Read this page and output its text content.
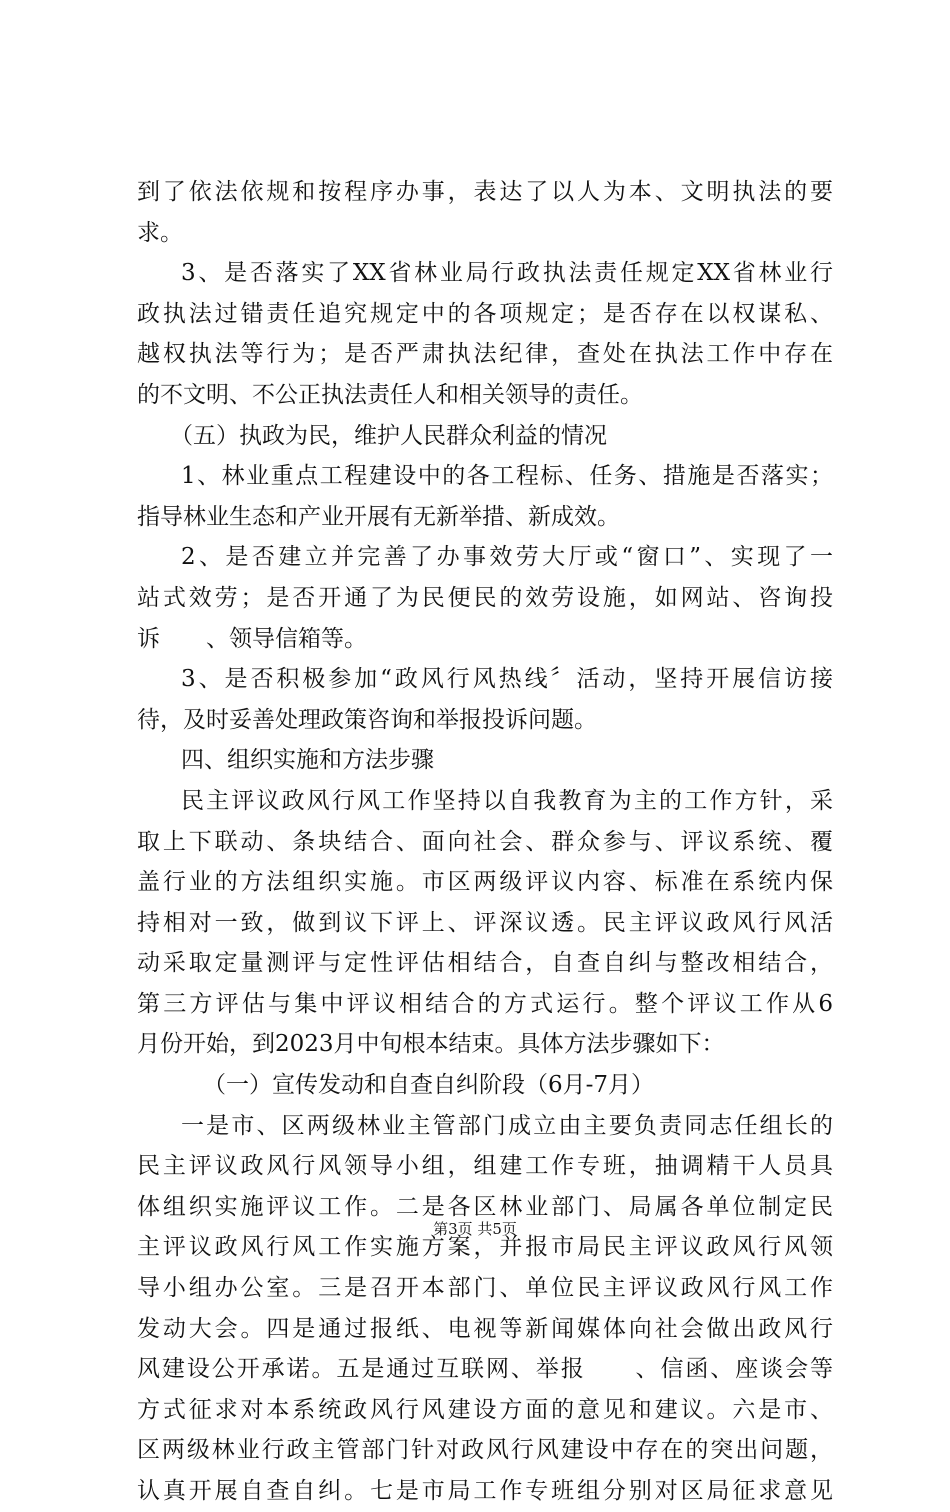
到了依法依规和按程序办事，表达了以人为本、文明执法的要
求。
3、是否落实了XX省林业局行政执法责任规定XX省林业行
政执法过错责任追究规定中的各项规定；是否存在以权谋私、
越权执法等行为；是否严肃执法纪律，查处在执法工作中存在
的不文明、不公正执法责任人和相关领导的责任。
（五）执政为民，维护人民群众利益的情况
1、林业重点工程建设中的各工程标、任务、措施是否落实；
指导林业生态和产业开展有无新举措、新成效。
2、是否建立并完善了办事效劳大厅或“窗口”、实现了一
站式效劳；是否开通了为民便民的效劳设施，如网站、咨询投
诉　　、领导信箱等。
3、是否积极参加“政风行风热线〞活动，坚持开展信访接
待，及时妥善处理政策咨询和举报投诉问题。
四、组织实施和方法步骤
民主评议政风行风工作坚持以自我教育为主的工作方针，采
取上下联动、条块结合、面向社会、群众参与、评议系统、覆
盖行业的方法组织实施。市区两级评议内容、标准在系统内保
持相对一致，做到议下评上、评深议透。民主评议政风行风活
动采取定量测评与定性评估相结合，自查自纠与整改相结合，
第三方评估与集中评议相结合的方式运行。整个评议工作从6
月份开始，到2023月中旬根本结束。具体方法步骤如下：
（一）宣传发动和自查自纠阶段（6月-7月）
一是市、区两级林业主管部门成立由主要负责同志任组长的
民主评议政风行风领导小组，组建工作专班，抽调精干人员具
体组织实施评议工作。二是各区林业部门、局属各单位制定民
主评议政风行风工作实施方案，并报市局民主评议政风行风领
导小组办公室。三是召开本部门、单位民主评议政风行风工作
发动大会。四是通过报纸、电视等新闻媒体向社会做出政风行
风建设公开承诺。五是通过互联网、举报　　、信函、座谈会等
方式征求对本系统政风行风建设方面的意见和建议。六是市、
区两级林业行政主管部门针对政风行风建设中存在的突出问题，
认真开展自查自纠。七是市局工作专班组分别对区局征求意见
第3页 共5页
